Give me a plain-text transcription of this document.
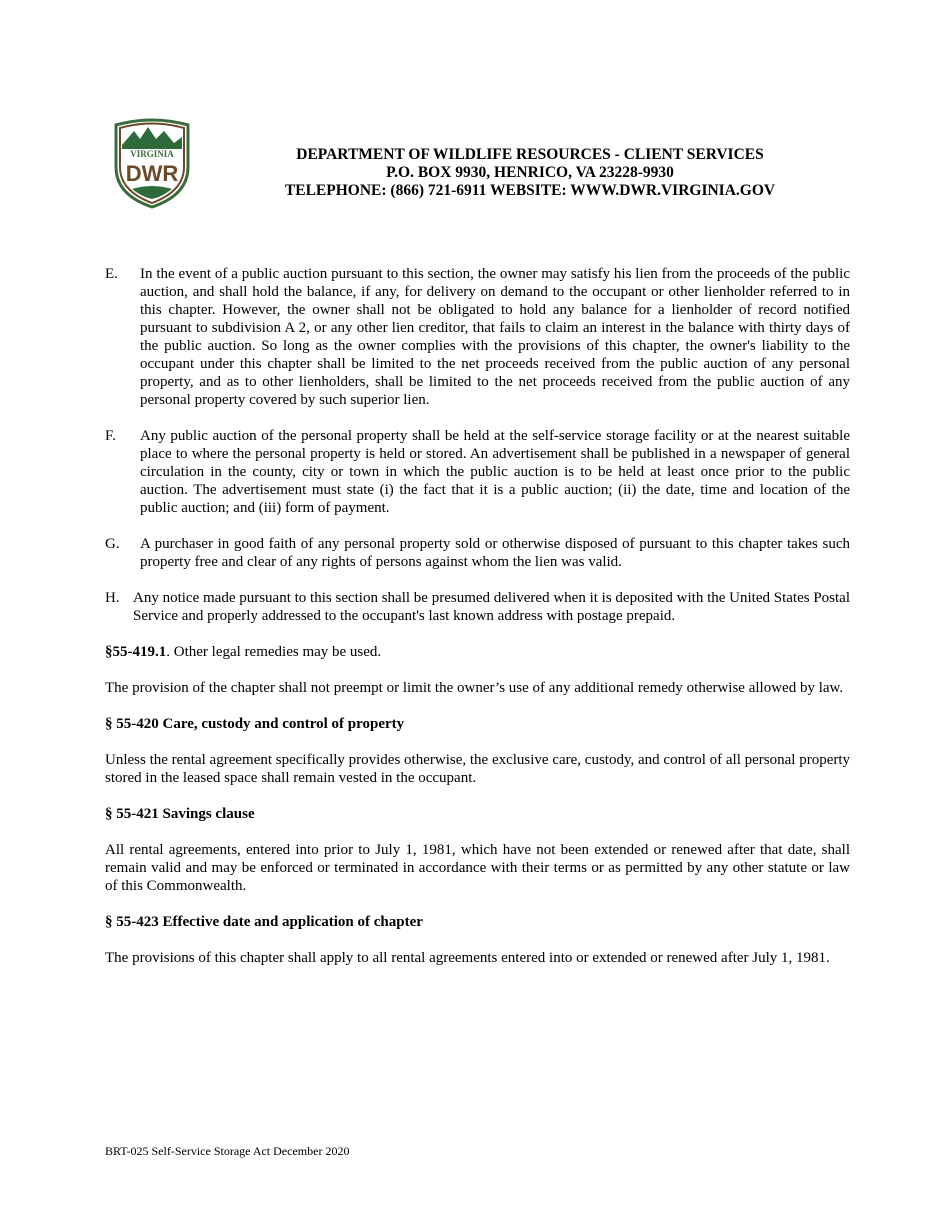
VIRGINIA
DWR
DEPARTMENT OF WILDLIFE RESOURCES - CLIENT SERVICES
P.O. BOX 9930, HENRICO, VA 23228-9930
TELEPHONE: (866) 721-6911 WEBSITE: WWW.DWR.VIRGINIA.GOV
E. In the event of a public auction pursuant to this section, the owner may satisfy his lien from the proceeds of the public auction, and shall hold the balance, if any, for delivery on demand to the occupant or other lienholder referred to in this chapter. However, the owner shall not be obligated to hold any balance for a lienholder of record notified pursuant to subdivision A 2, or any other lien creditor, that fails to claim an interest in the balance with thirty days of the public auction. So long as the owner complies with the provisions of this chapter, the owner's liability to the occupant under this chapter shall be limited to the net proceeds received from the public auction of any personal property, and as to other lienholders, shall be limited to the net proceeds received from the public auction of any personal property covered by such superior lien.
F. Any public auction of the personal property shall be held at the self-service storage facility or at the nearest suitable place to where the personal property is held or stored. An advertisement shall be published in a newspaper of general circulation in the county, city or town in which the public auction is to be held at least once prior to the public auction. The advertisement must state (i) the fact that it is a public auction; (ii) the date, time and location of the public auction; and (iii) form of payment.
G. A purchaser in good faith of any personal property sold or otherwise disposed of pursuant to this chapter takes such property free and clear of any rights of persons against whom the lien was valid.
H. Any notice made pursuant to this section shall be presumed delivered when it is deposited with the United States Postal Service and properly addressed to the occupant's last known address with postage prepaid.

§55-419.1. Other legal remedies may be used.

The provision of the chapter shall not preempt or limit the owner’s use of any additional remedy otherwise allowed by law.

§ 55-420 Care, custody and control of property

Unless the rental agreement specifically provides otherwise, the exclusive care, custody, and control of all personal property stored in the leased space shall remain vested in the occupant.

§ 55-421 Savings clause

All rental agreements, entered into prior to July 1, 1981, which have not been extended or renewed after that date, shall remain valid and may be enforced or terminated in accordance with their terms or as permitted by any other statute or law of this Commonwealth.

§ 55-423 Effective date and application of chapter

The provisions of this chapter shall apply to all rental agreements entered into or extended or renewed after July 1, 1981.

BRT-025 Self-Service Storage Act December 2020
